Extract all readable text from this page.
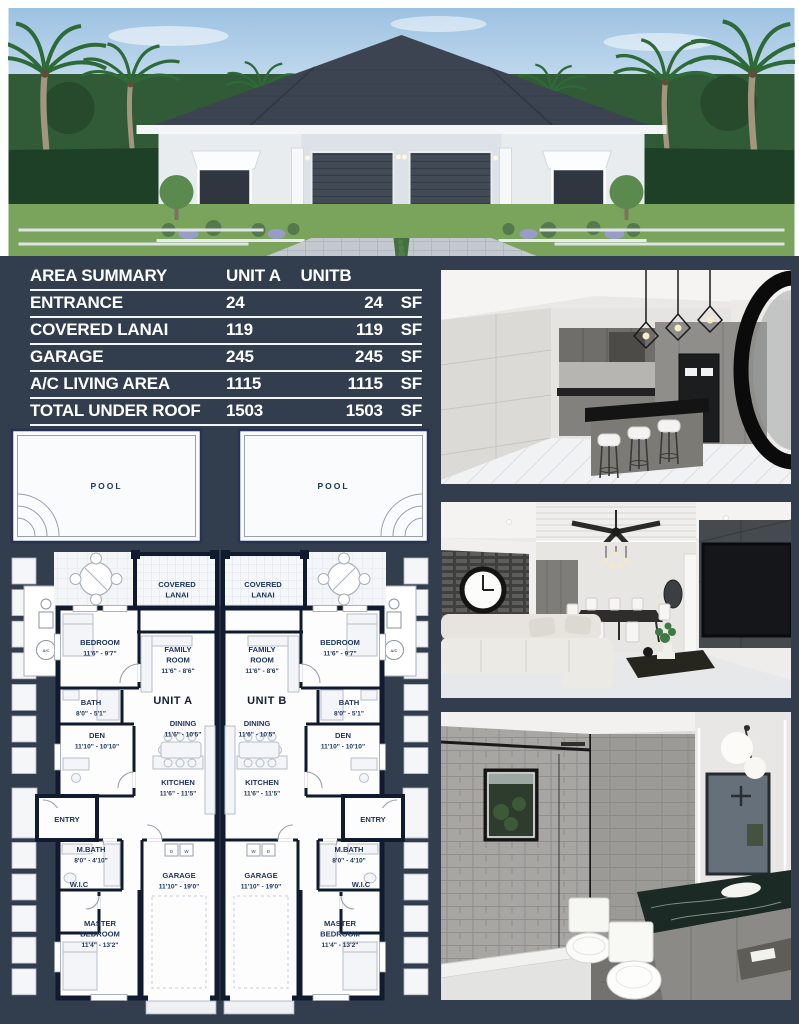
AREA SUMMARY	UNIT A	UNITB	
ENTRANCE	24	24	SF
COVERED LANAI	119	119	SF
GARAGE	245	245	SF
A/C LIVING AREA	1115	1115	SF
TOTAL UNDER ROOF	1503	1503	SF
POOL
UNIT A
A/C
D	W
COVERED
LANAI
BEDROOM
11'6" - 9'7"	FAMILY
ROOM
11'6" - 8'6"
BATH
8'0" - 5'1"
DEN
11'10" - 10'10"
DINING
11'6" - 10'5"
KITCHEN
11'6" - 11'5"
ENTRY
M.BATH
8'0" - 4'10"
W.I.C
MASTER
BEDROOM
11'4" - 13'2"
GARAGE
11'10" - 19'0"
POOL
UNIT B
A/C
D
W
COVERED
LANAI
BEDROOM
11'6" - 9'7"
FAMILY
ROOM
11'6" - 8'6"
BATH
8'0" - 5'1"
DEN
11'10" - 10'10"
DINING
11'6" - 10'5"
KITCHEN
11'6" - 11'5"
ENTRY
M.BATH
8'0" - 4'10"
W.I.C
MASTER
BEDROOM
11'4" - 13'2"
GARAGE
11'10" - 19'0"
